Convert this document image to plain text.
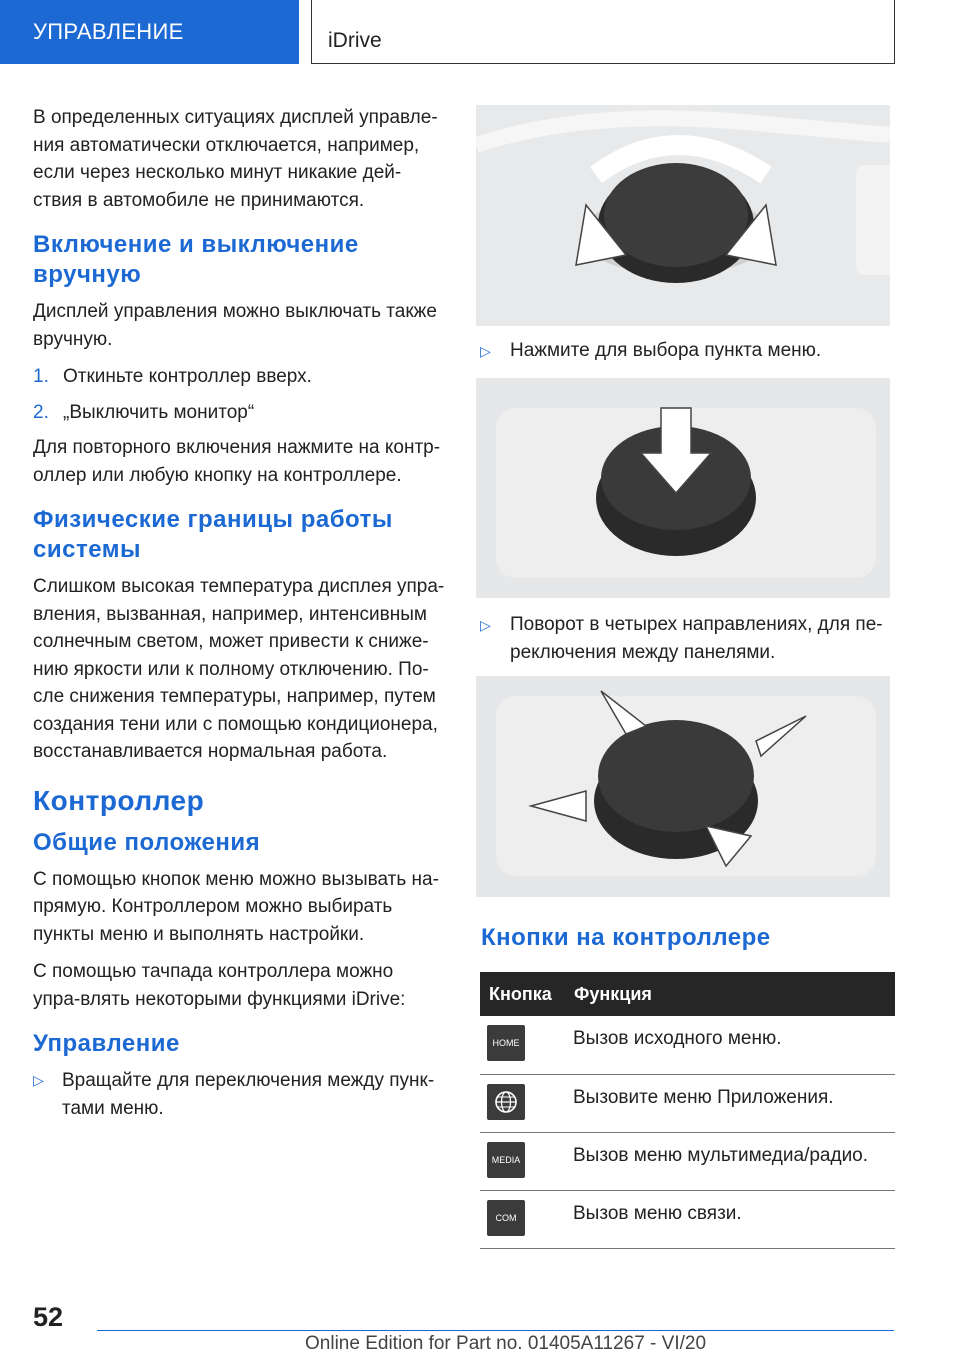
УПРАВЛЕНИЕ	iDrive

В определенных ситуациях дисплей управле-ния автоматически отключается, например, если через несколько минут никакие дей-ствия в автомобиле не принимаются.

Включение и выключение вручную

Дисплей управления можно выключать также вручную.

1. Откиньте контроллер вверх.
2. „Выключить монитор“

Для повторного включения нажмите на контр-оллер или любую кнопку на контроллере.

Физические границы работы системы

Слишком высокая температура дисплея упра-вления, вызванная, например, интенсивным солнечным светом, может привести к сниже-нию яркости или к полному отключению. По-сле снижения температуры, например, путем создания тени или с помощью кондиционера, восстанавливается нормальная работа.

Контроллер
Общие положения

С помощью кнопок меню можно вызывать на-прямую. Контроллером можно выбирать пункты меню и выполнять настройки.

С помощью тачпада контроллера можно упра-влять некоторыми функциями iDrive:

Управление
▷ Вращайте для переключения между пунк-тами меню.
▷	Нажмите для выбора пункта меню.
▷	Поворот в четырех направлениях, для пе-реключения между панелями.
Кнопки на контроллере
Кнопка	Функция

HOME	Вызов исходного меню.

	Вызовите меню Приложения.

MEDIA	Вызов меню мультимедиа/радио.

COM	Вызов меню связи.
52
Online Edition for Part no. 01405A11267 - VI/20
